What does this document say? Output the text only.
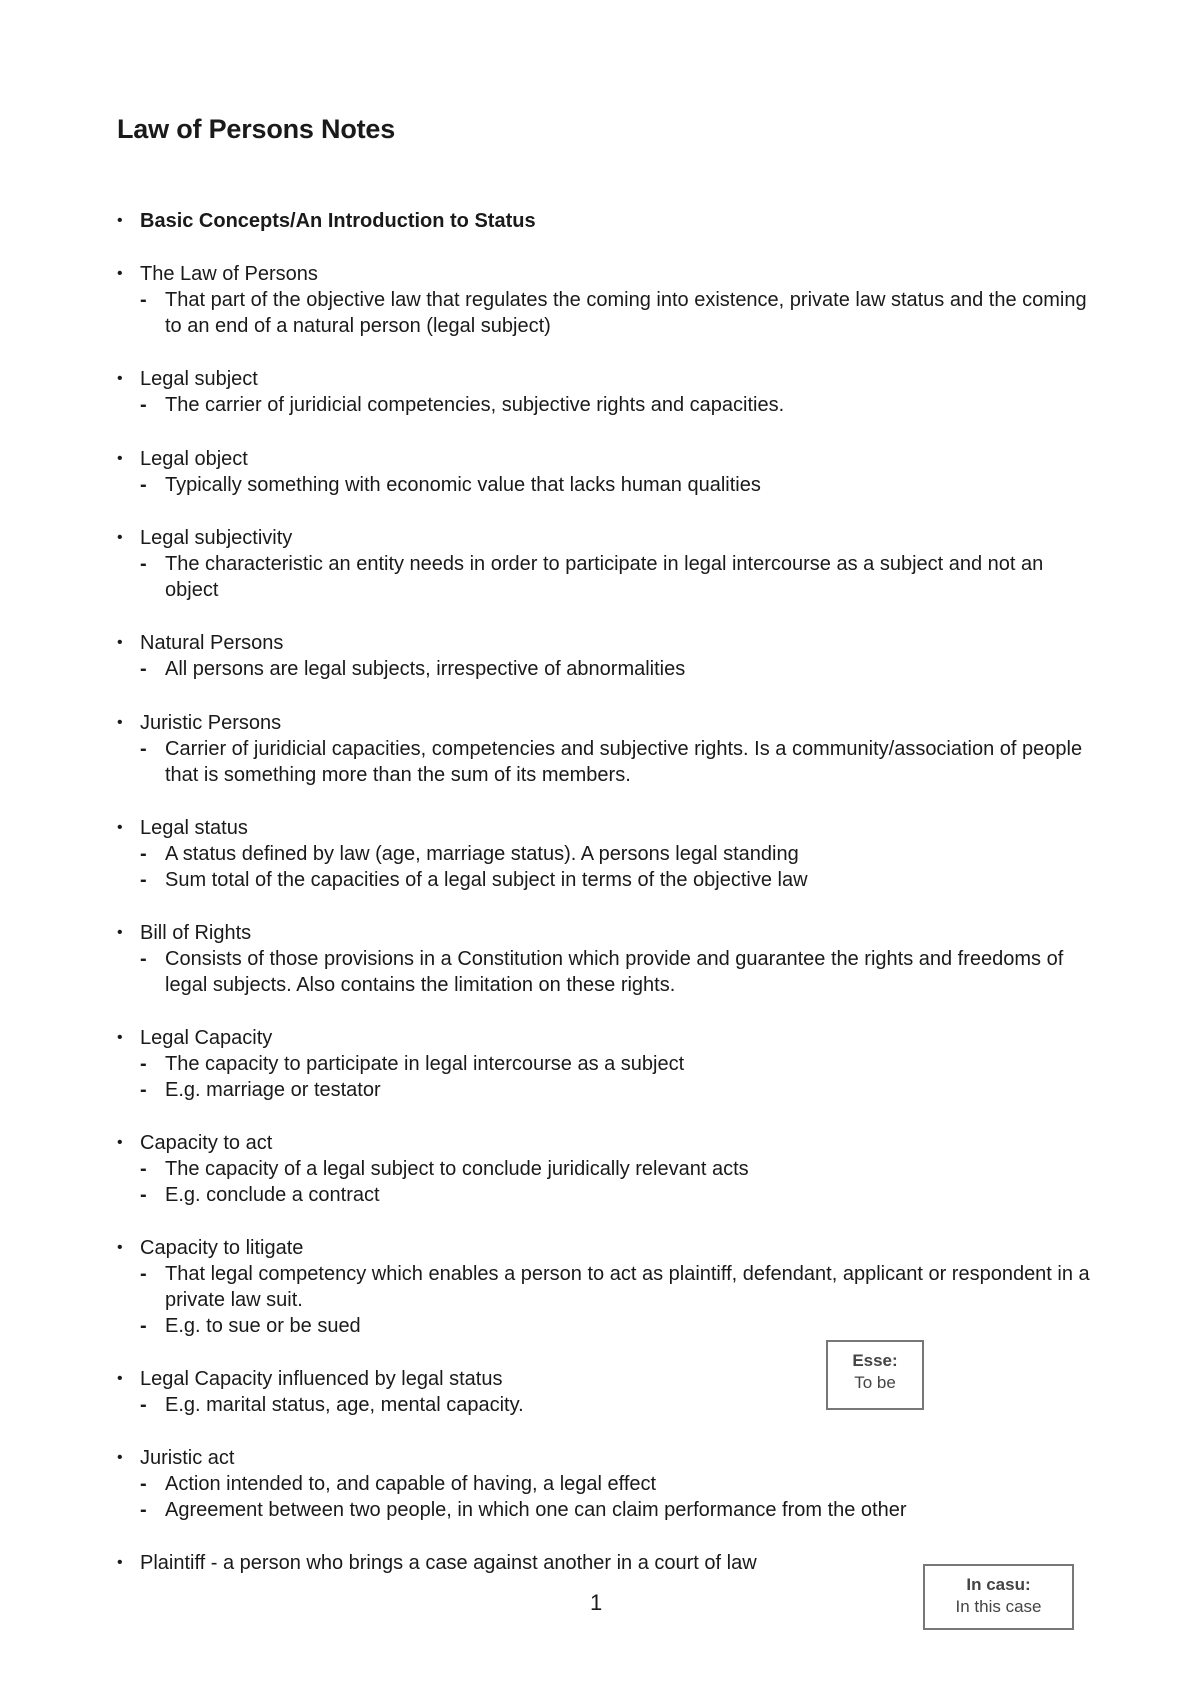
Law of Persons Notes
• Basic Concepts/An Introduction to Status
• The Law of Persons
- That part of the objective law that regulates the coming into existence, private law status and the coming to an end of a natural person (legal subject)
• Legal subject
- The carrier of juridicial competencies, subjective rights and capacities.
• Legal object
- Typically something with economic value that lacks human qualities
• Legal subjectivity
- The characteristic an entity needs in order to participate in legal intercourse as a subject and not an object
• Natural Persons
- All persons are legal subjects, irrespective of abnormalities
• Juristic Persons
- Carrier of juridicial capacities, competencies and subjective rights. Is a community/association of people that is something more than the sum of its members.
• Legal status
- A status defined by law (age, marriage status). A persons legal standing
- Sum total of the capacities of a legal subject in terms of the objective law
• Bill of Rights
- Consists of those provisions in a Constitution which provide and guarantee the rights and freedoms of legal subjects. Also contains the limitation on these rights.
• Legal Capacity
- The capacity to participate in legal intercourse as a subject
- E.g. marriage or testator
• Capacity to act
- The capacity of a legal subject to conclude juridically relevant acts
- E.g. conclude a contract
• Capacity to litigate
- That legal competency which enables a person to act as plaintiff, defendant, applicant or respondent in a private law suit.
- E.g. to sue or be sued
• Legal Capacity influenced by legal status
- E.g. marital status, age, mental capacity.
• Juristic act
- Action intended to, and capable of having, a legal effect
- Agreement between two people, in which one can claim performance from the other
• Plaintiff - a person who brings a case against another in a court of law
Esse:
To be
In casu:
In this case
1
